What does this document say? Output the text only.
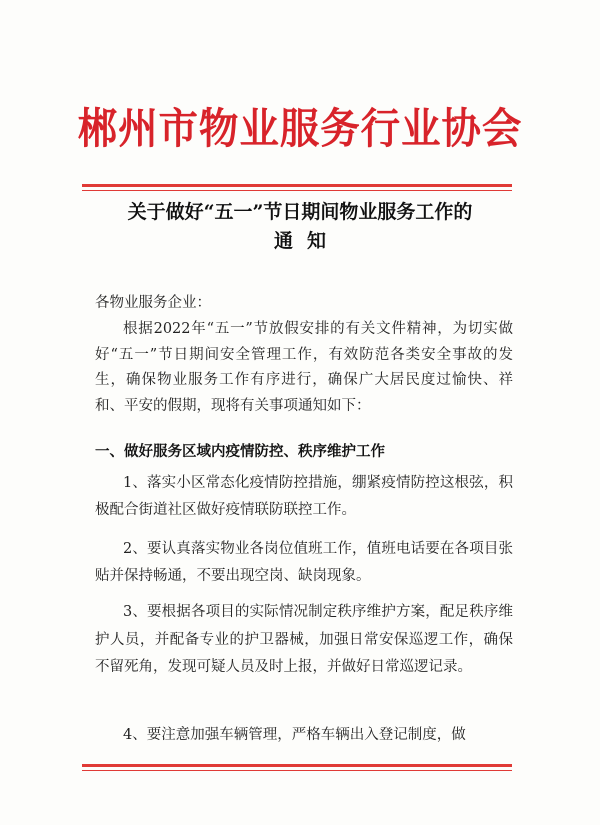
郴州市物业服务行业协会
关于做好“五一”节日期间物业服务工作的
通知
各物业服务企业：
根据2022年“五一”节放假安排的有关文件精神，为切实做好“五一”节日期间安全管理工作，有效防范各类安全事故的发生，确保物业服务工作有序进行，确保广大居民度过愉快、祥和、平安的假期，现将有关事项通知如下：
一、做好服务区域内疫情防控、秩序维护工作
1、落实小区常态化疫情防控措施，绷紧疫情防控这根弦，积极配合街道社区做好疫情联防联控工作。
2、要认真落实物业各岗位值班工作，值班电话要在各项目张贴并保持畅通，不要出现空岗、缺岗现象。
3、要根据各项目的实际情况制定秩序维护方案，配足秩序维护人员，并配备专业的护卫器械，加强日常安保巡逻工作，确保不留死角，发现可疑人员及时上报，并做好日常巡逻记录。
4、要注意加强车辆管理，严格车辆出入登记制度，做
